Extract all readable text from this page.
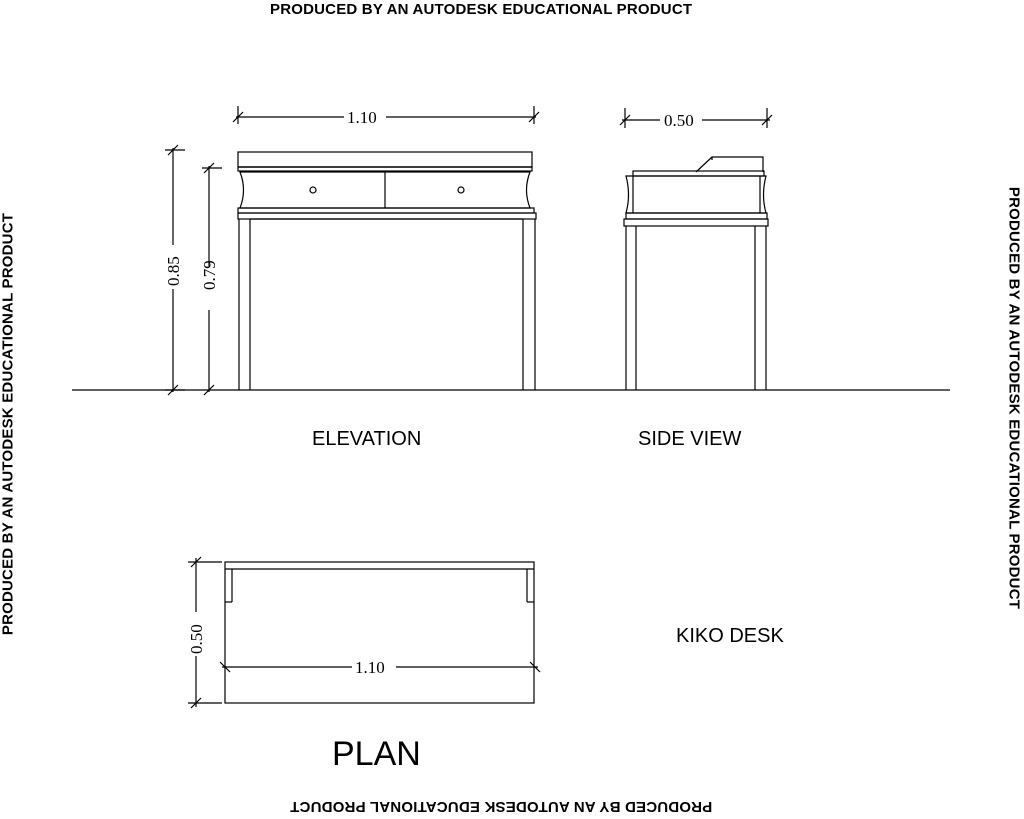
PRODUCED BY AN AUTODESK EDUCATIONAL PRODUCT
PRODUCED BY AN AUTODESK EDUCATIONAL PRODUCT
PRODUCED BY AN AUTODESK EDUCATIONAL PRODUCT	PRODUCED BY AN AUTODESK EDUCATIONAL PRODUCT
1.10	0.50
0.85 0.79
1.10
0.50
ELEVATION	SIDE VIEW
KIKO DESK
PLAN
